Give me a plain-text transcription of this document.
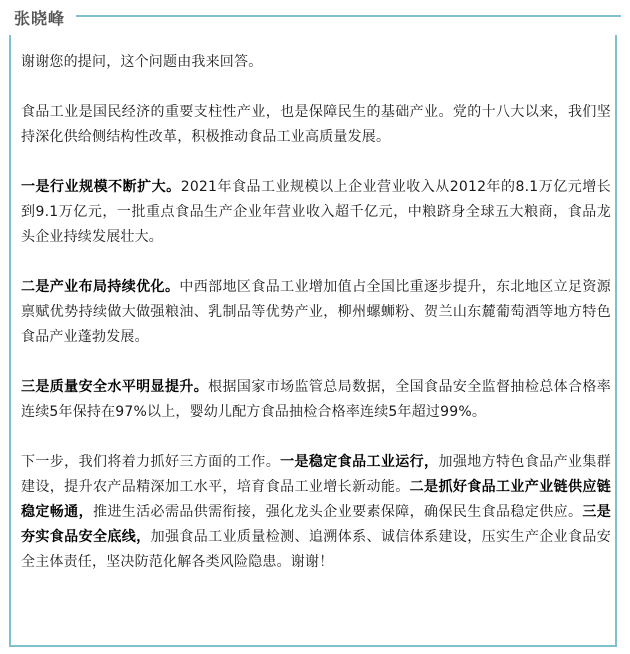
张晓峰

谢谢您的提问，这个问题由我来回答。

食品工业是国民经济的重要支柱性产业，也是保障民生的基础产业。党的十八大以来，我们坚持深化供给侧结构性改革，积极推动食品工业高质量发展。

一是行业规模不断扩大。2021年食品工业规模以上企业营业收入从2012年的8.1万亿元增长到9.1万亿元，一批重点食品生产企业年营业收入超千亿元，中粮跻身全球五大粮商，食品龙头企业持续发展壮大。

二是产业布局持续优化。中西部地区食品工业增加值占全国比重逐步提升，东北地区立足资源禀赋优势持续做大做强粮油、乳制品等优势产业，柳州螺蛳粉、贺兰山东麓葡萄酒等地方特色食品产业蓬勃发展。

三是质量安全水平明显提升。根据国家市场监管总局数据，全国食品安全监督抽检总体合格率连续5年保持在97%以上，婴幼儿配方食品抽检合格率连续5年超过99%。

下一步，我们将着力抓好三方面的工作。一是稳定食品工业运行，加强地方特色食品产业集群建设，提升农产品精深加工水平，培育食品工业增长新动能。二是抓好食品工业产业链供应链稳定畅通，推进生活必需品供需衔接，强化龙头企业要素保障，确保民生食品稳定供应。三是夯实食品安全底线，加强食品工业质量检测、追溯体系、诚信体系建设，压实生产企业食品安全主体责任，坚决防范化解各类风险隐患。谢谢！
